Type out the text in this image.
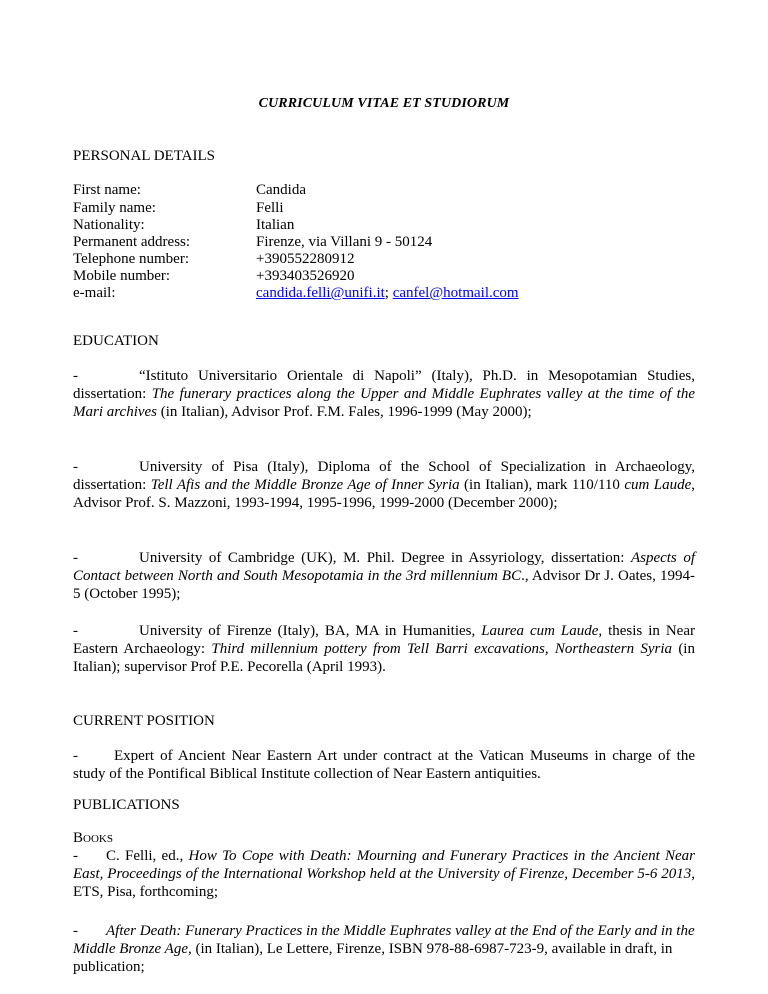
CURRICULUM VITAE ET STUDIORUM
PERSONAL DETAILS
First name:	Candida
Family name:	Felli
Nationality:	Italian
Permanent address:	Firenze, via Villani 9 - 50124
Telephone number:	+390552280912
Mobile number:	+393403526920
e-mail:	candida.felli@unifi.it; canfel@hotmail.com
EDUCATION
-	“Istituto Universitario Orientale di Napoli” (Italy), Ph.D. in Mesopotamian Studies, dissertation: The funerary practices along the Upper and Middle Euphrates valley at the time of the Mari archives (in Italian), Advisor Prof. F.M. Fales, 1996-1999 (May 2000);
-	University of Pisa (Italy), Diploma of the School of Specialization in Archaeology, dissertation: Tell Afis and the Middle Bronze Age of Inner Syria (in Italian), mark 110/110 cum Laude, Advisor Prof. S. Mazzoni, 1993-1994, 1995-1996, 1999-2000 (December 2000);
-	University of Cambridge (UK), M. Phil. Degree in Assyriology, dissertation: Aspects of Contact between North and South Mesopotamia in the 3rd millennium BC., Advisor Dr J. Oates, 1994-5 (October 1995);
-	University of Firenze (Italy), BA, MA in Humanities, Laurea cum Laude, thesis in Near Eastern Archaeology: Third millennium pottery from Tell Barri excavations, Northeastern Syria (in Italian); supervisor Prof P.E. Pecorella (April 1993).
CURRENT POSITION
- Expert of Ancient Near Eastern Art under contract at the Vatican Museums in charge of the study of the Pontifical Biblical Institute collection of Near Eastern antiquities.
PUBLICATIONS
BOOKS
- C. Felli, ed., How To Cope with Death: Mourning and Funerary Practices in the Ancient Near East, Proceedings of the International Workshop held at the University of Firenze, December 5-6 2013, ETS, Pisa, forthcoming;
- After Death: Funerary Practices in the Middle Euphrates valley at the End of the Early and in the Middle Bronze Age, (in Italian), Le Lettere, Firenze, ISBN 978-88-6987-723-9, available in draft, in publication;
